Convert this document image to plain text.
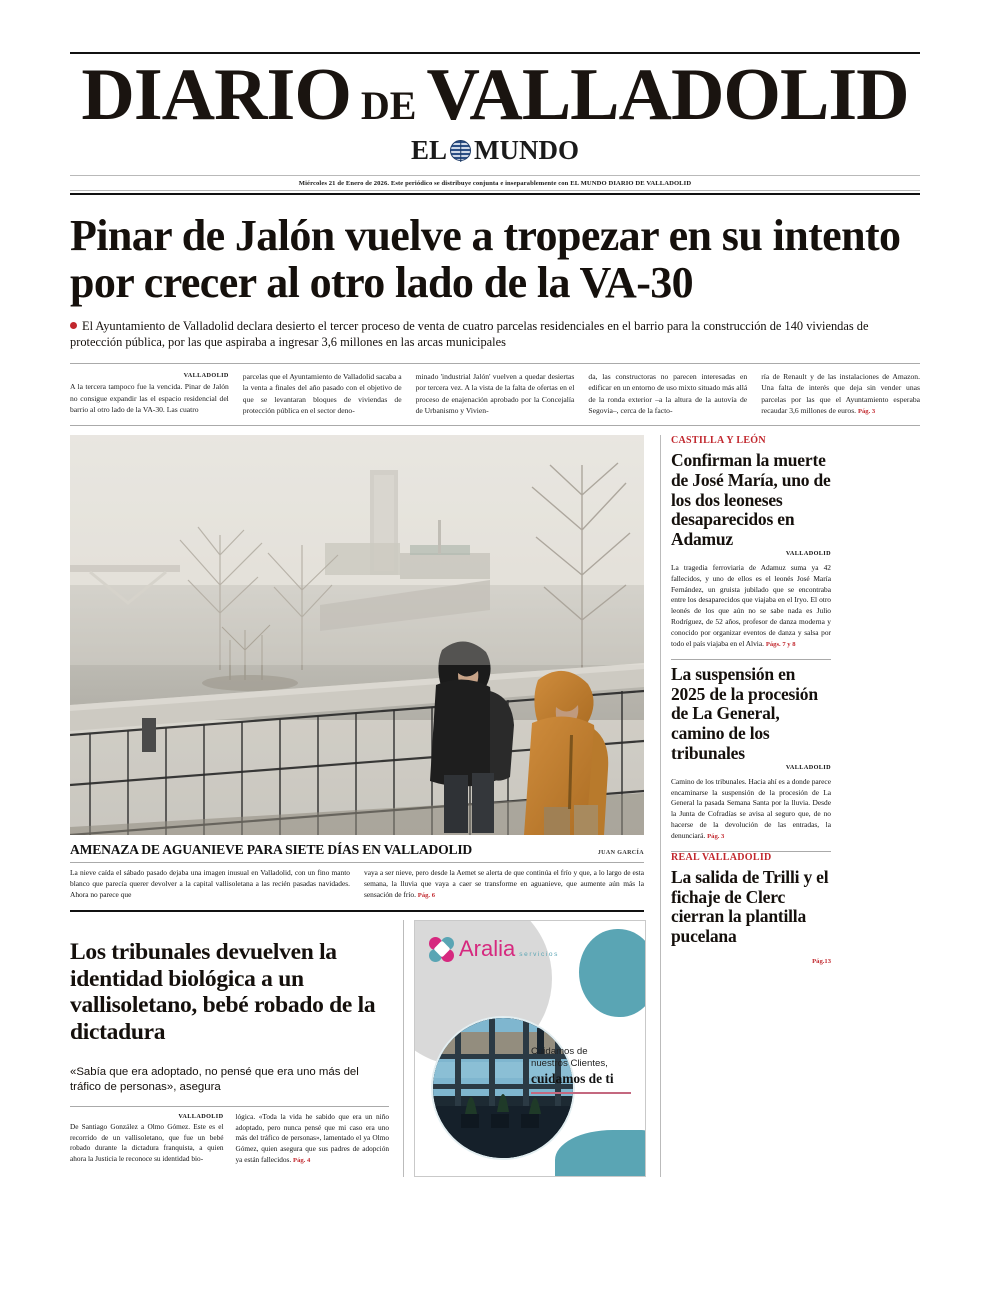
DIARIO DE VALLADOLID
EL MUNDO
Miércoles 21 de Enero de 2026. Este periódico se distribuye conjunta e inseparablemente con EL MUNDO DIARIO DE VALLADOLID
Pinar de Jalón vuelve a tropezar en su intento por crecer al otro lado de la VA-30

El Ayuntamiento de Valladolid declara desierto el tercer proceso de venta de cuatro parcelas residenciales en el barrio para la construcción de 140 viviendas de protección pública, por las que aspiraba a ingresar 3,6 millones en las arcas municipales

VALLADOLID
A la tercera tampoco fue la vencida. Pinar de Jalón no consigue expandir las el espacio residencial del barrio al otro lado de la VA-30. Las cuatro
parcelas que el Ayuntamiento de Valladolid sacaba a la venta a finales del año pasado con el objetivo de que se levantaran bloques de viviendas de protección pública en el sector deno-
minado 'industrial Jalón' vuelven a quedar desiertas por tercera vez. A la vista de la falta de ofertas en el proceso de enajenación aprobado por la Concejalía de Urbanismo y Vivien-
da, las constructoras no parecen interesadas en edificar en un entorno de uso mixto situado más allá de la ronda exterior –a la altura de la autovía de Segovia–, cerca de la facto-
ría de Renault y de las instalaciones de Amazon. Una falta de interés que deja sin vender unas parcelas por las que el Ayuntamiento esperaba recaudar 3,6 millones de euros. Pág. 3
AMENAZA DE AGUANIEVE PARA SIETE DÍAS EN VALLADOLID	JUAN GARCÍA
La nieve caída el sábado pasado dejaba una imagen inusual en Valladolid, con un fino manto blanco que parecía querer devolver a la capital vallisoletana a las recién pasadas navidades. Ahora no parece que
vaya a ser nieve, pero desde la Aemet se alerta de que continúa el frío y que, a lo largo de esta semana, la lluvia que vaya a caer se transforme en aguanieve, que aumente aún más la sensación de frío. Pág. 6
Los tribunales devuelven la identidad biológica a un vallisoletano, bebé robado de la dictadura

«Sabía que era adoptado, no pensé que era uno más del tráfico de personas», asegura

VALLADOLID
De Santiago González a Olmo Gómez. Este es el recorrido de un vallisoletano, que fue un bebé robado durante la dictadura franquista, a quien ahora la Justicia le reconoce su identidad bio-
lógica. «Toda la vida he sabido que era un niño adoptado, pero nunca pensé que mi caso era uno más del tráfico de personas», lamentado el ya Olmo Gómez, quien asegura que sus padres de adopción ya están fallecidos. Pág. 4
Aralia servicios
Cuidamos de
nuestros Clientes,
cuidamos de ti
CASTILLA Y LEÓN
Confirman la muerte de José María, uno de los dos leoneses desaparecidos en Adamuz
VALLADOLID
La tragedia ferroviaria de Adamuz suma ya 42 fallecidos, y uno de ellos es el leonés José María Fernández, un gruista jubilado que se encontraba entre los desaparecidos que viajaba en el Iryo. El otro leonés de los que aún no se sabe nada es Julio Rodríguez, de 52 años, profesor de danza moderna y conocido por organizar eventos de danza y salsa por todo el país viajaba en el Alvia. Págs. 7 y 8
La suspensión en 2025 de la procesión de La General, camino de los tribunales
VALLADOLID
Camino de los tribunales. Hacia ahí es a donde parece encaminarse la suspensión de la procesión de La General la pasada Semana Santa por la lluvia. Desde la Junta de Cofradías se avisa al seguro que, de no hacerse de la devolución de las entradas, la denunciará. Pág. 3
REAL VALLADOLID
La salida de Trilli y el fichaje de Clerc cierran la plantilla pucelana
Pág.13
